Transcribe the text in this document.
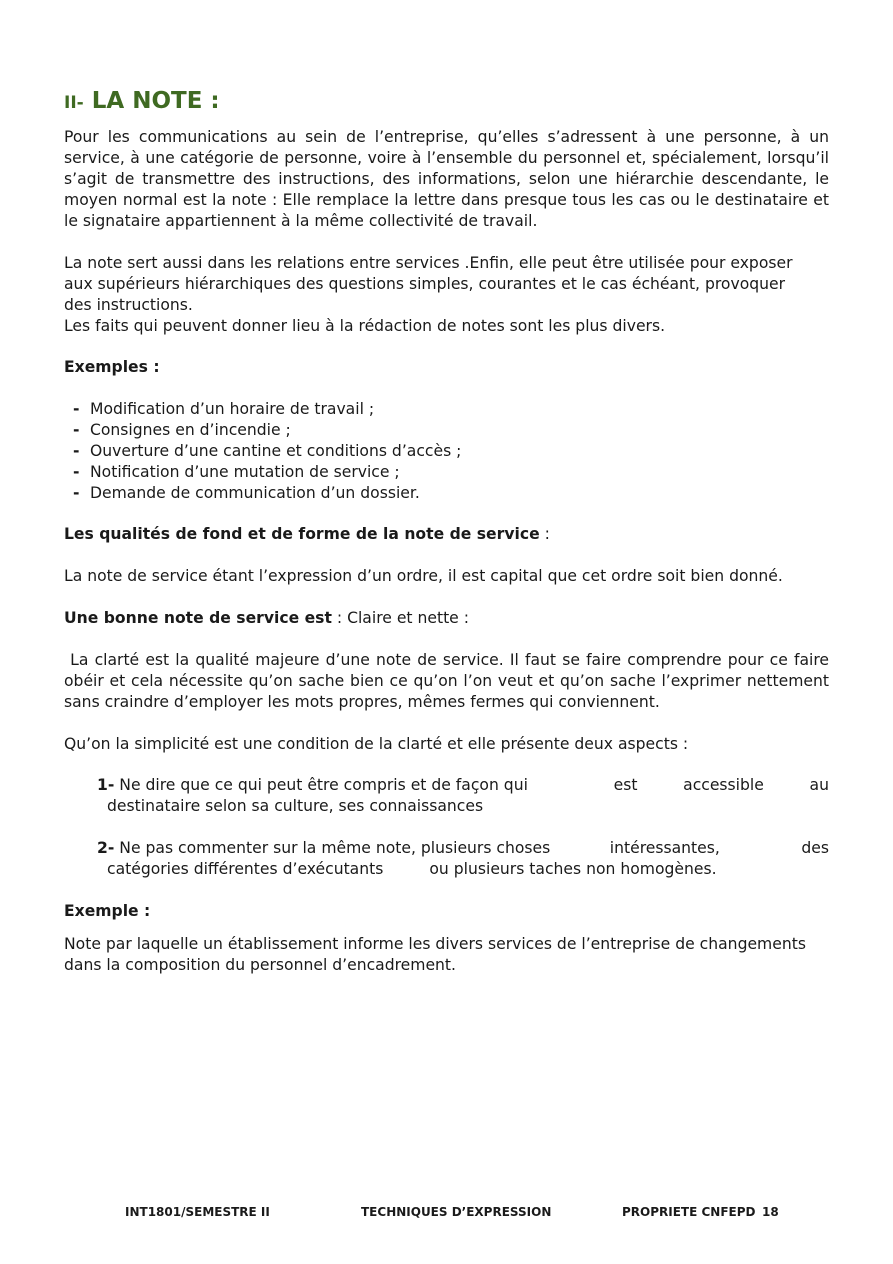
II- LA NOTE :

Pour les communications au sein de l’entreprise, qu’elles s’adressent à une personne, à un service, à une catégorie de personne, voire à l’ensemble du personnel et, spécialement, lorsqu’il s’agit de transmettre des instructions, des informations, selon une hiérarchie descendante, le moyen normal est la note : Elle remplace la lettre dans presque tous les cas ou le destinataire et le signataire appartiennent à la même collectivité de travail.

La note sert aussi dans les relations entre services .Enfin, elle peut être utilisée pour exposer
aux supérieurs hiérarchiques des questions simples, courantes et le cas échéant, provoquer
des instructions.
Les faits qui peuvent donner lieu à la rédaction de notes sont les plus divers.

Exemples :

- Modification d’un horaire de travail ;
- Consignes en d’incendie ;
- Ouverture d’une cantine et conditions d’accès ;
- Notification d’une mutation de service ;
- Demande de communication d’un dossier.

Les qualités de fond et de forme de la note de service :

La note de service étant l’expression d’un ordre, il est capital que cet ordre soit bien donné.

Une bonne note de service est : Claire et nette :

La clarté est la qualité majeure d’une note de service. Il faut se faire comprendre pour ce faire obéir et cela nécessite qu’on sache bien ce qu’on l’on veut et qu’on sache l’exprimer nettement sans craindre d’employer les mots propres, mêmes fermes qui conviennent.

Qu’on la simplicité est une condition de la clarté et elle présente deux aspects :

1- Ne dire que ce qui peut être compris et de façon qui	est	accessible	au
destinataire selon sa culture, ses connaissances
2- Ne pas commenter sur la même note, plusieurs choses	intéressantes,	des
catégories différentes d’exécutants	ou plusieurs taches non homogènes.

Exemple :

Note par laquelle un établissement informe les divers services de l’entreprise de changements dans la composition du personnel d’encadrement.

INT1801/SEMESTRE II	TECHNIQUES D’EXPRESSION	PROPRIETE CNFEPD 18
